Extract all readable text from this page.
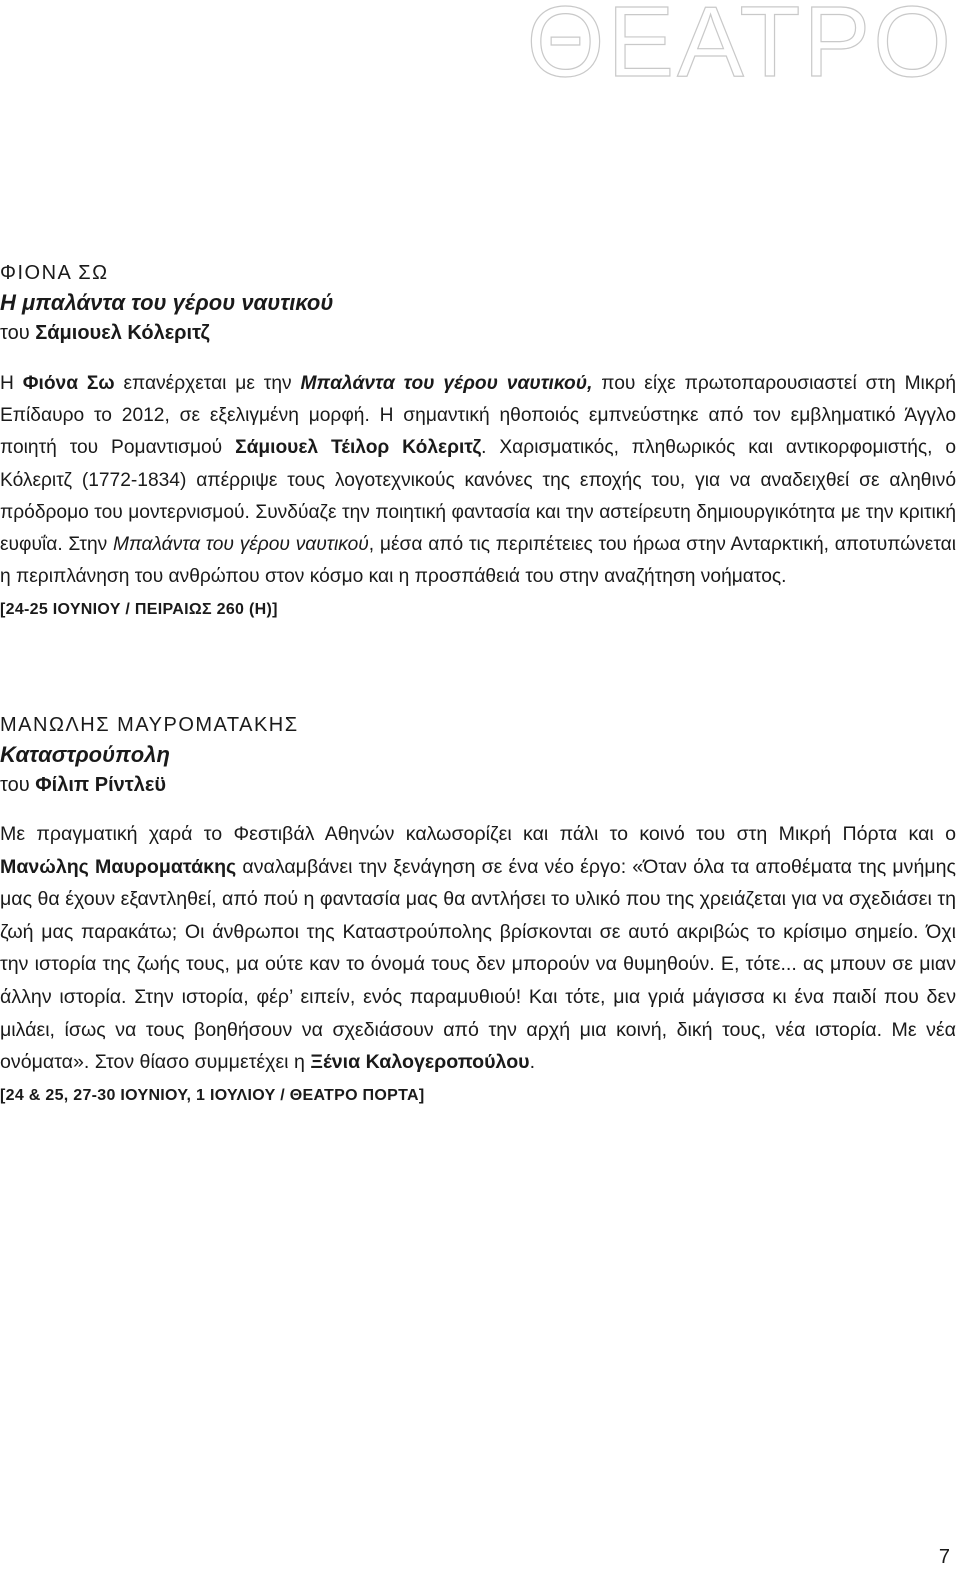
ΘΕΑΤΡΟ

ΦΙΟΝΑ ΣΩ

Η μπαλάντα του γέρου ναυτικού

του Σάμιουελ Κόλεριτζ

Η Φιόνα Σω επανέρχεται με την Μπαλάντα του γέρου ναυτικού, που είχε πρωτοπαρουσιαστεί στη Μικρή Επίδαυρο το 2012, σε εξελιγμένη μορφή. Η σημαντική ηθοποιός εμπνεύστηκε από τον εμβληματικό Άγγλο ποιητή του Ρομαντισμού Σάμιουελ Τέιλορ Κόλεριτζ. Χαρισματικός, πληθωρικός και αντικορφομιστής, ο Κόλεριτζ (1772-1834) απέρριψε τους λογοτεχνικούς κανόνες της εποχής του, για να αναδειχθεί σε αληθινό πρόδρομο του μοντερνισμού. Συνδύαζε την ποιητική φαντασία και την αστείρευτη δημιουργικότητα με την κριτική ευφυΐα. Στην Μπαλάντα του γέρου ναυτικού, μέσα από τις περιπέτειες του ήρωα στην Ανταρκτική, αποτυπώνεται η περιπλάνηση του ανθρώπου στον κόσμο και η προσπάθειά του στην αναζήτηση νοήματος.

[24-25 ΙΟΥΝΙΟΥ / ΠΕΙΡΑΙΩΣ 260 (Η)]

ΜΑΝΩΛΗΣ ΜΑΥΡΟΜΑΤΑΚΗΣ

Καταστρούπολη

του Φίλιπ Ρίντλεϋ

Με πραγματική χαρά το Φεστιβάλ Αθηνών καλωσορίζει και πάλι το κοινό του στη Μικρή Πόρτα και ο Μανώλης Μαυροματάκης αναλαμβάνει την ξενάγηση σε ένα νέο έργο: «Όταν όλα τα αποθέματα της μνήμης μας θα έχουν εξαντληθεί, από πού η φαντασία μας θα αντλήσει το υλικό που της χρειάζεται για να σχεδιάσει τη ζωή μας παρακάτω; Οι άνθρωποι της Καταστρούπολης βρίσκονται σε αυτό ακριβώς το κρίσιμο σημείο. Όχι την ιστορία της ζωής τους, μα ούτε καν το όνομά τους δεν μπορούν να θυμηθούν. Ε, τότε... ας μπουν σε μιαν άλλην ιστορία. Στην ιστορία, φέρ’ ειπείν, ενός παραμυθιού! Και τότε, μια γριά μάγισσα κι ένα παιδί που δεν μιλάει, ίσως να τους βοηθήσουν να σχεδιάσουν από την αρχή μια κοινή, δική τους, νέα ιστορία. Με νέα ονόματα». Στον θίασο συμμετέχει η Ξένια Καλογεροπούλου.

[24 & 25, 27-30 ΙΟΥΝΙΟΥ, 1 ΙΟΥΛΙΟΥ / ΘΕΑΤΡΟ ΠΟΡΤΑ]

7
